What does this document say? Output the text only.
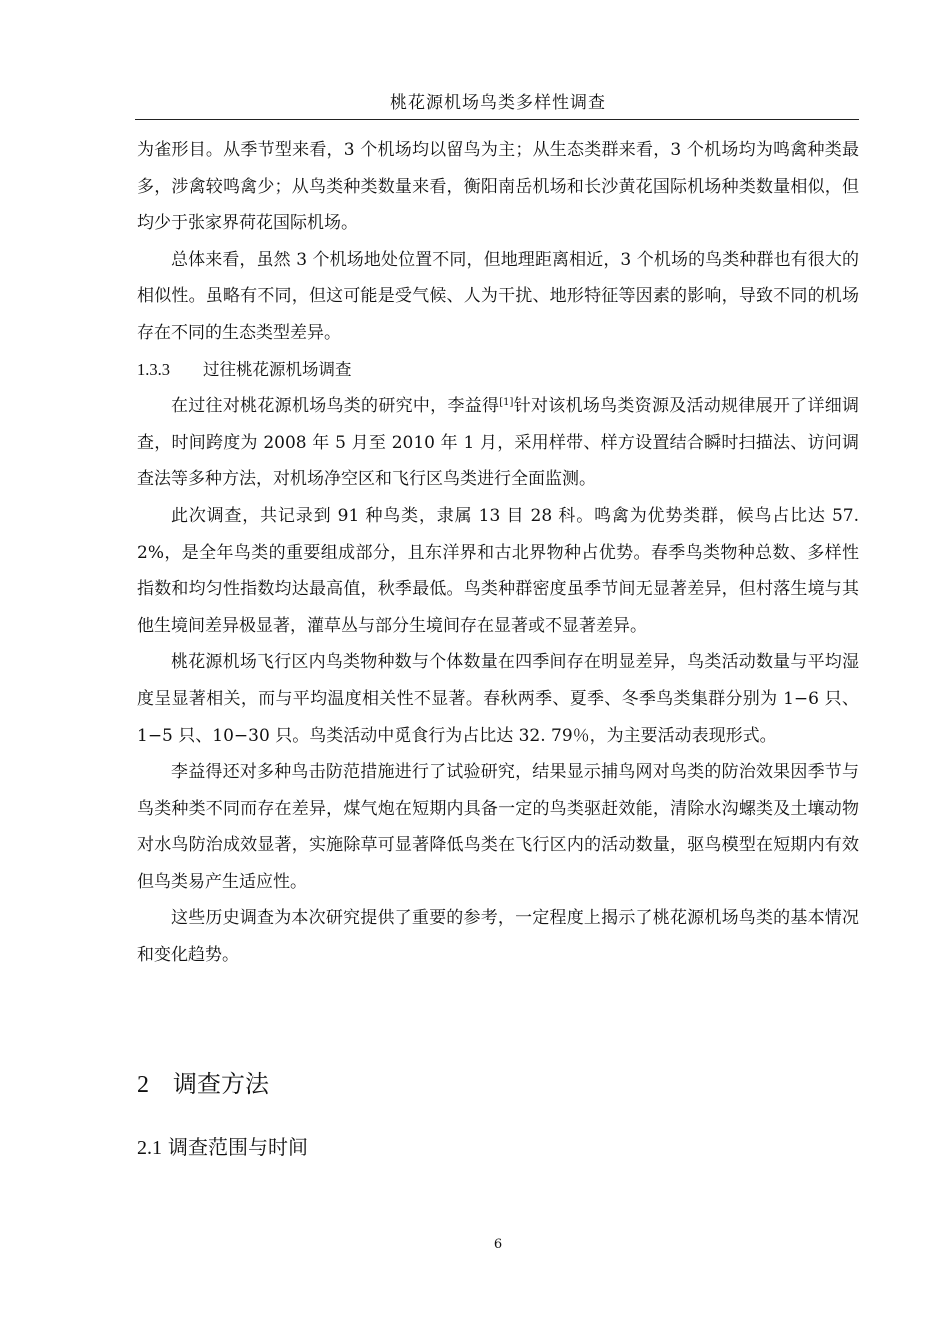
桃花源机场鸟类多样性调查

为雀形目。从季节型来看，3 个机场均以留鸟为主；从生态类群来看，3 个机场均为鸣禽种类最多，涉禽较鸣禽少；从鸟类种类数量来看，衡阳南岳机场和长沙黄花国际机场种类数量相似，但均少于张家界荷花国际机场。

总体来看，虽然 3 个机场地处位置不同，但地理距离相近，3 个机场的鸟类种群也有很大的相似性。虽略有不同，但这可能是受气候、人为干扰、地形特征等因素的影响，导致不同的机场存在不同的生态类型差异。

1.3.3 过往桃花源机场调查

在过往对桃花源机场鸟类的研究中，李益得[1]针对该机场鸟类资源及活动规律展开了详细调查，时间跨度为 2008 年 5 月至 2010 年 1 月，采用样带、样方设置结合瞬时扫描法、访问调查法等多种方法，对机场净空区和飞行区鸟类进行全面监测。

此次调查，共记录到 91 种鸟类，隶属 13 目 28 科。鸣禽为优势类群，候鸟占比达 57. 2%，是全年鸟类的重要组成部分，且东洋界和古北界物种占优势。春季鸟类物种总数、多样性指数和均匀性指数均达最高值，秋季最低。鸟类种群密度虽季节间无显著差异，但村落生境与其他生境间差异极显著，灌草丛与部分生境间存在显著或不显著差异。

桃花源机场飞行区内鸟类物种数与个体数量在四季间存在明显差异，鸟类活动数量与平均湿度呈显著相关，而与平均温度相关性不显著。春秋两季、夏季、冬季鸟类集群分别为 1−6 只、1−5 只、10−30 只。鸟类活动中觅食行为占比达 32. 79％，为主要活动表现形式。

李益得还对多种鸟击防范措施进行了试验研究，结果显示捕鸟网对鸟类的防治效果因季节与鸟类种类不同而存在差异，煤气炮在短期内具备一定的鸟类驱赶效能，清除水沟螺类及土壤动物对水鸟防治成效显著，实施除草可显著降低鸟类在飞行区内的活动数量，驱鸟模型在短期内有效但鸟类易产生适应性。

这些历史调查为本次研究提供了重要的参考，一定程度上揭示了桃花源机场鸟类的基本情况和变化趋势。

2 调查方法
2.1 调查范围与时间
6
